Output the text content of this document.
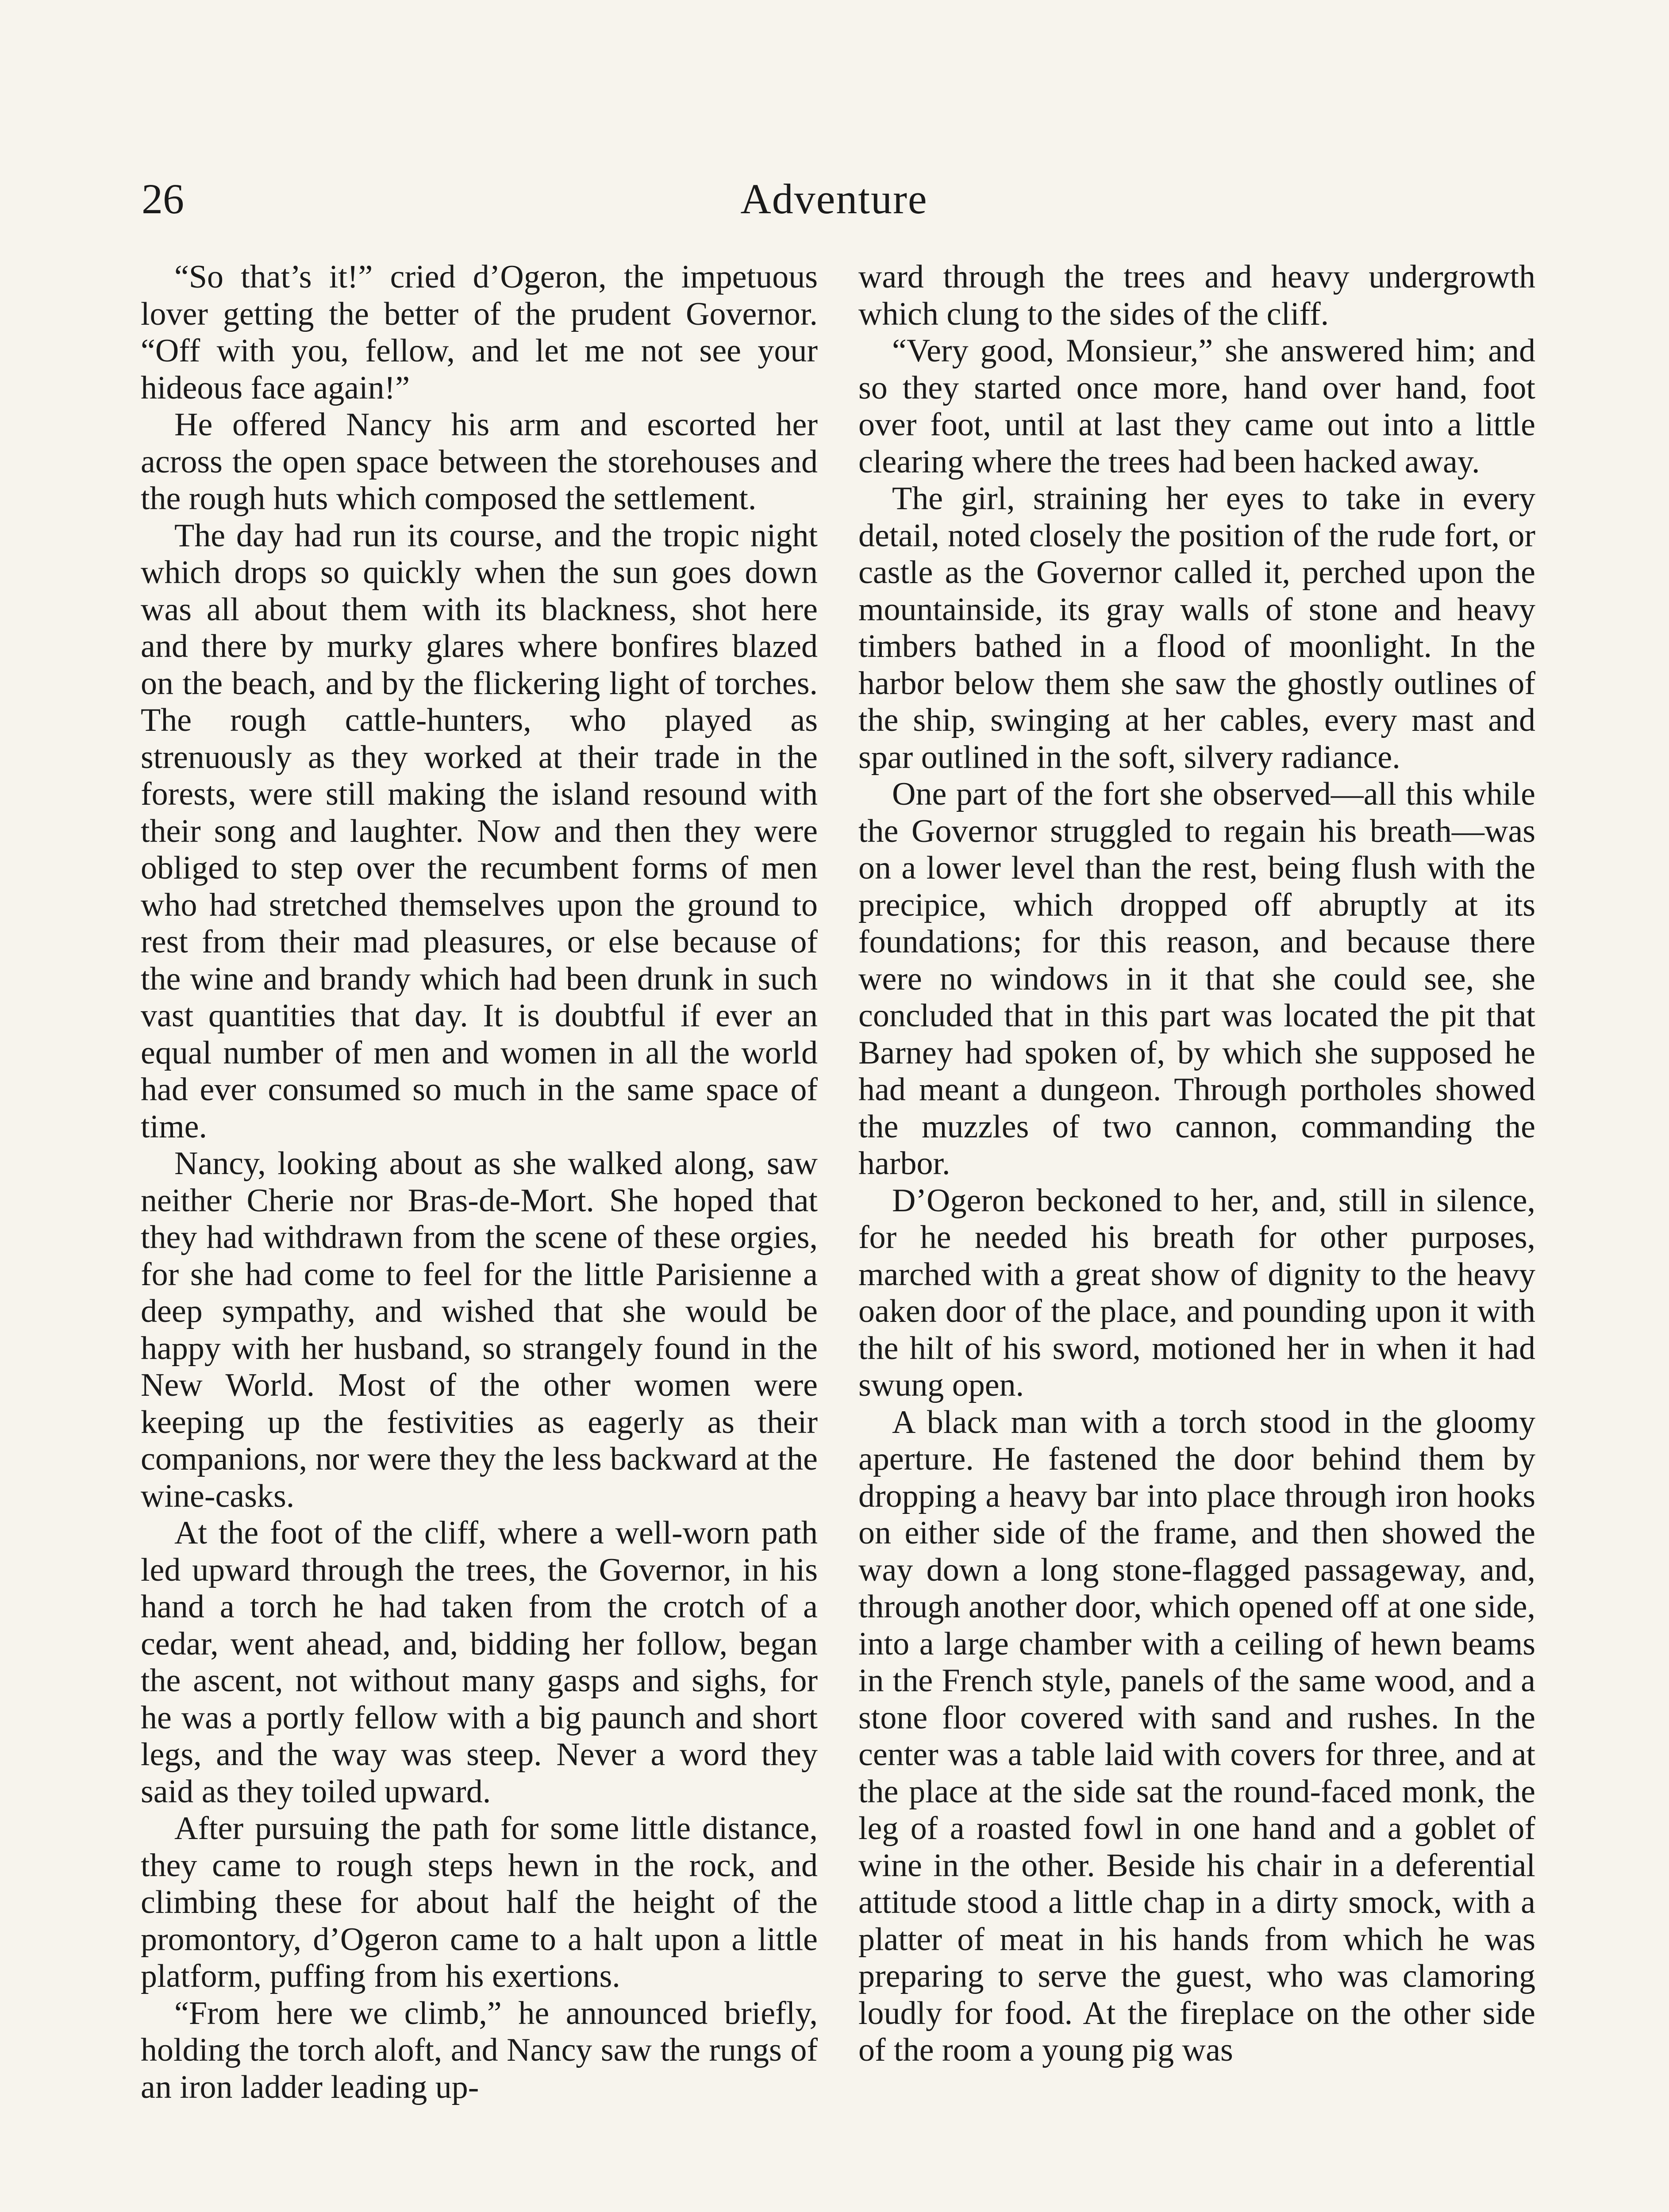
26	Adventure

“So that’s it!” cried d’Ogeron, the impetuous lover getting the better of the prudent Governor. “Off with you, fellow, and let me not see your hideous face again!”

He offered Nancy his arm and escorted her across the open space between the storehouses and the rough huts which composed the settlement.

The day had run its course, and the tropic night which drops so quickly when the sun goes down was all about them with its blackness, shot here and there by murky glares where bonfires blazed on the beach, and by the flickering light of torches. The rough cattle-hunters, who played as strenuously as they worked at their trade in the forests, were still making the island resound with their song and laughter. Now and then they were obliged to step over the recumbent forms of men who had stretched themselves upon the ground to rest from their mad pleasures, or else because of the wine and brandy which had been drunk in such vast quantities that day. It is doubtful if ever an equal number of men and women in all the world had ever consumed so much in the same space of time.

Nancy, looking about as she walked along, saw neither Cherie nor Bras-de-Mort. She hoped that they had withdrawn from the scene of these orgies, for she had come to feel for the little Parisienne a deep sympathy, and wished that she would be happy with her husband, so strangely found in the New World. Most of the other women were keeping up the festivities as eagerly as their companions, nor were they the less backward at the wine-casks.

At the foot of the cliff, where a well-worn path led upward through the trees, the Governor, in his hand a torch he had taken from the crotch of a cedar, went ahead, and, bidding her follow, began the ascent, not without many gasps and sighs, for he was a portly fellow with a big paunch and short legs, and the way was steep. Never a word they said as they toiled upward.

After pursuing the path for some little distance, they came to rough steps hewn in the rock, and climbing these for about half the height of the promontory, d’Ogeron came to a halt upon a little platform, puffing from his exertions.

“From here we climb,” he announced briefly, holding the torch aloft, and Nancy saw the rungs of an iron ladder leading up-

ward through the trees and heavy undergrowth which clung to the sides of the cliff.

“Very good, Monsieur,” she answered him; and so they started once more, hand over hand, foot over foot, until at last they came out into a little clearing where the trees had been hacked away.

The girl, straining her eyes to take in every detail, noted closely the position of the rude fort, or castle as the Governor called it, perched upon the mountainside, its gray walls of stone and heavy timbers bathed in a flood of moonlight. In the harbor below them she saw the ghostly outlines of the ship, swinging at her cables, every mast and spar outlined in the soft, silvery radiance.

One part of the fort she observed—all this while the Governor struggled to regain his breath—was on a lower level than the rest, being flush with the precipice, which dropped off abruptly at its foundations; for this reason, and because there were no windows in it that she could see, she concluded that in this part was located the pit that Barney had spoken of, by which she supposed he had meant a dungeon. Through portholes showed the muzzles of two cannon, commanding the harbor.

D’Ogeron beckoned to her, and, still in silence, for he needed his breath for other purposes, marched with a great show of dignity to the heavy oaken door of the place, and pounding upon it with the hilt of his sword, motioned her in when it had swung open.

A black man with a torch stood in the gloomy aperture. He fastened the door behind them by dropping a heavy bar into place through iron hooks on either side of the frame, and then showed the way down a long stone-flagged passageway, and, through another door, which opened off at one side, into a large chamber with a ceiling of hewn beams in the French style, panels of the same wood, and a stone floor covered with sand and rushes. In the center was a table laid with covers for three, and at the place at the side sat the round-faced monk, the leg of a roasted fowl in one hand and a goblet of wine in the other. Beside his chair in a deferential attitude stood a little chap in a dirty smock, with a platter of meat in his hands from which he was preparing to serve the guest, who was clamoring loudly for food. At the fireplace on the other side of the room a young pig was
